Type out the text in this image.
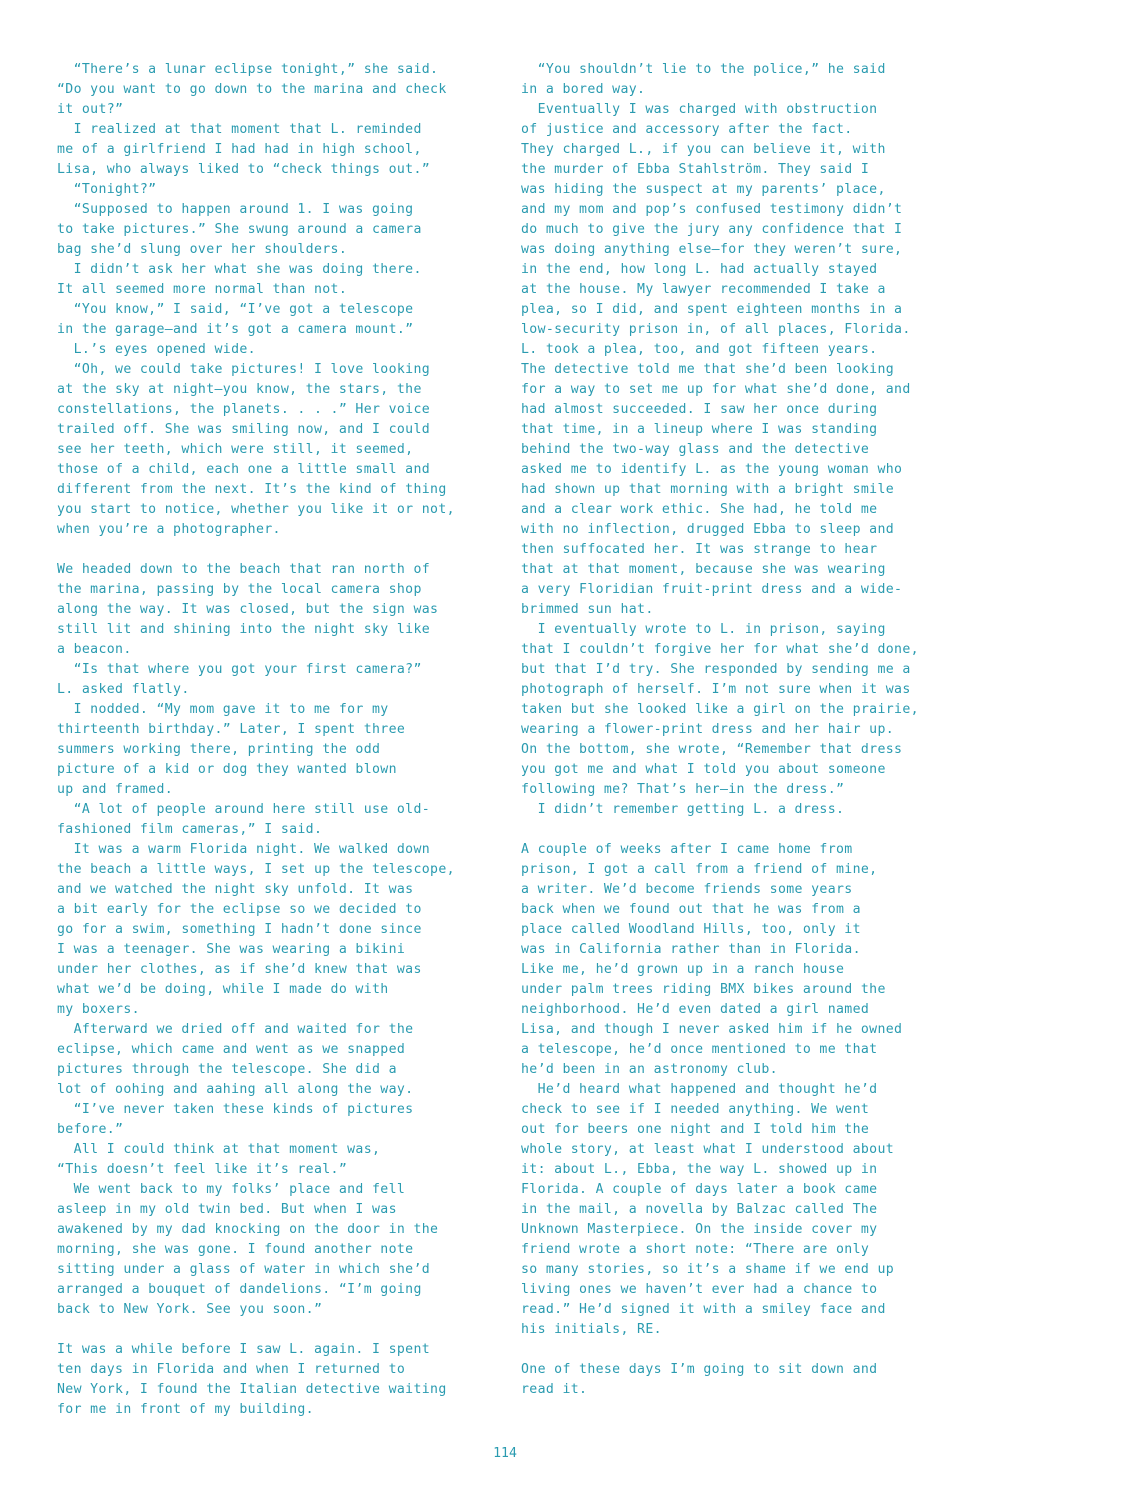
“There’s a lunar eclipse tonight,” she said.
“Do you want to go down to the marina and check
it out?”
I realized at that moment that L. reminded
me of a girlfriend I had had in high school,
Lisa, who always liked to “check things out.”
“Tonight?”
“Supposed to happen around 1. I was going
to take pictures.” She swung around a camera
bag she’d slung over her shoulders.
I didn’t ask her what she was doing there.
It all seemed more normal than not.
“You know,” I said, “I’ve got a telescope
in the garage—and it’s got a camera mount.”
L.’s eyes opened wide.
“Oh, we could take pictures! I love looking
at the sky at night—you know, the stars, the
constellations, the planets. . . .” Her voice
trailed off. She was smiling now, and I could
see her teeth, which were still, it seemed,
those of a child, each one a little small and
different from the next. It’s the kind of thing
you start to notice, whether you like it or not,
when you’re a photographer.
We headed down to the beach that ran north of
the marina, passing by the local camera shop
along the way. It was closed, but the sign was
still lit and shining into the night sky like
a beacon.
“Is that where you got your first camera?”
L. asked flatly.
I nodded. “My mom gave it to me for my
thirteenth birthday.” Later, I spent three
summers working there, printing the odd
picture of a kid or dog they wanted blown
up and framed.
“A lot of people around here still use old-
fashioned film cameras,” I said.
It was a warm Florida night. We walked down
the beach a little ways, I set up the telescope,
and we watched the night sky unfold. It was
a bit early for the eclipse so we decided to
go for a swim, something I hadn’t done since
I was a teenager. She was wearing a bikini
under her clothes, as if she’d knew that was
what we’d be doing, while I made do with
my boxers.
Afterward we dried off and waited for the
eclipse, which came and went as we snapped
pictures through the telescope. She did a
lot of oohing and aahing all along the way.
“I’ve never taken these kinds of pictures
before.”
All I could think at that moment was,
“This doesn’t feel like it’s real.”
We went back to my folks’ place and fell
asleep in my old twin bed. But when I was
awakened by my dad knocking on the door in the
morning, she was gone. I found another note
sitting under a glass of water in which she’d
arranged a bouquet of dandelions. “I’m going
back to New York. See you soon.”
It was a while before I saw L. again. I spent
ten days in Florida and when I returned to
New York, I found the Italian detective waiting
for me in front of my building.
“You shouldn’t lie to the police,” he said
in a bored way.
Eventually I was charged with obstruction
of justice and accessory after the fact.
They charged L., if you can believe it, with
the murder of Ebba Stahlström. They said I
was hiding the suspect at my parents’ place,
and my mom and pop’s confused testimony didn’t
do much to give the jury any confidence that I
was doing anything else—for they weren’t sure,
in the end, how long L. had actually stayed
at the house. My lawyer recommended I take a
plea, so I did, and spent eighteen months in a
low-security prison in, of all places, Florida.
L. took a plea, too, and got fifteen years.
The detective told me that she’d been looking
for a way to set me up for what she’d done, and
had almost succeeded. I saw her once during
that time, in a lineup where I was standing
behind the two-way glass and the detective
asked me to identify L. as the young woman who
had shown up that morning with a bright smile
and a clear work ethic. She had, he told me
with no inflection, drugged Ebba to sleep and
then suffocated her. It was strange to hear
that at that moment, because she was wearing
a very Floridian fruit-print dress and a wide-
brimmed sun hat.
I eventually wrote to L. in prison, saying
that I couldn’t forgive her for what she’d done,
but that I’d try. She responded by sending me a
photograph of herself. I’m not sure when it was
taken but she looked like a girl on the prairie,
wearing a flower-print dress and her hair up.
On the bottom, she wrote, “Remember that dress
you got me and what I told you about someone
following me? That’s her—in the dress.”
I didn’t remember getting L. a dress.
A couple of weeks after I came home from
prison, I got a call from a friend of mine,
a writer. We’d become friends some years
back when we found out that he was from a
place called Woodland Hills, too, only it
was in California rather than in Florida.
Like me, he’d grown up in a ranch house
under palm trees riding BMX bikes around the
neighborhood. He’d even dated a girl named
Lisa, and though I never asked him if he owned
a telescope, he’d once mentioned to me that
he’d been in an astronomy club.
He’d heard what happened and thought he’d
check to see if I needed anything. We went
out for beers one night and I told him the
whole story, at least what I understood about
it: about L., Ebba, the way L. showed up in
Florida. A couple of days later a book came
in the mail, a novella by Balzac called The
Unknown Masterpiece. On the inside cover my
friend wrote a short note: “There are only
so many stories, so it’s a shame if we end up
living ones we haven’t ever had a chance to
read.” He’d signed it with a smiley face and
his initials, RE.
One of these days I’m going to sit down and
read it.
114
